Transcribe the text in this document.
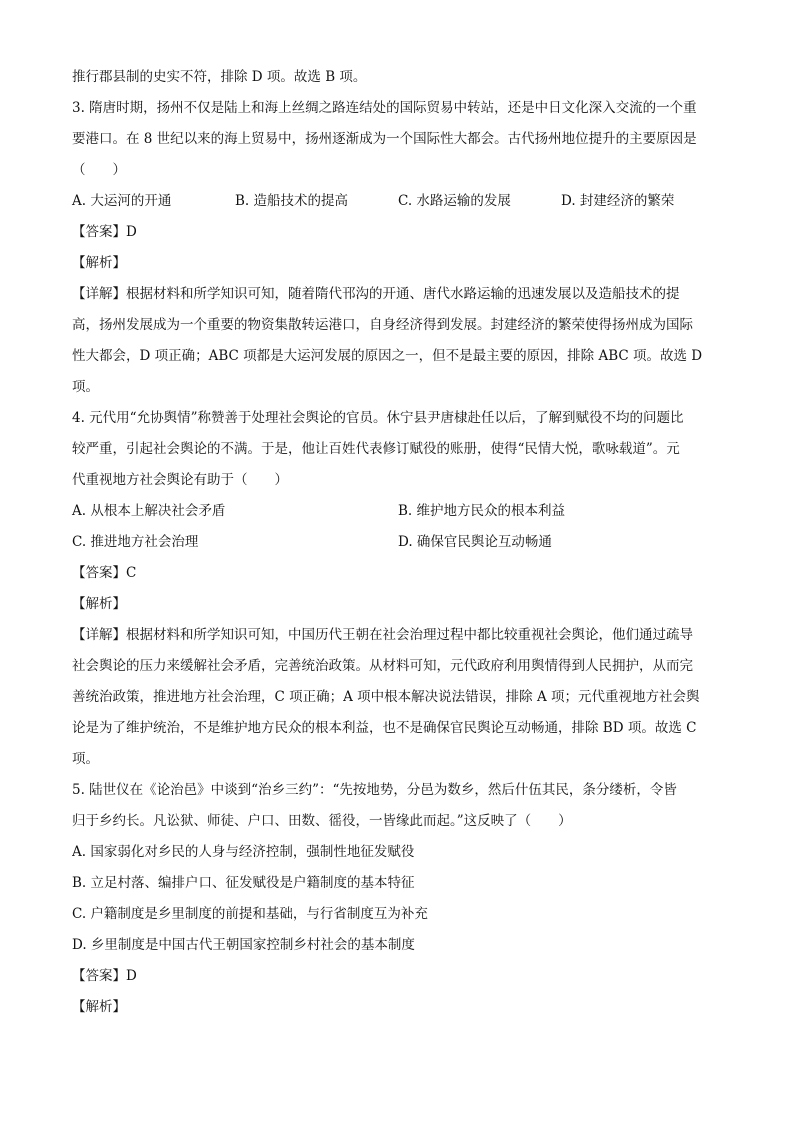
推行郡县制的史实不符，排除 D 项。故选 B 项。
3. 隋唐时期，扬州不仅是陆上和海上丝绸之路连结处的国际贸易中转站，还是中日文化深入交流的一个重
要港口。在 8 世纪以来的海上贸易中，扬州逐渐成为一个国际性大都会。古代扬州地位提升的主要原因是
（　　）
A. 大运河的开通	B. 造船技术的提高	C. 水路运输的发展	D. 封建经济的繁荣
【答案】D
【解析】
【详解】根据材料和所学知识可知，随着隋代邗沟的开通、唐代水路运输的迅速发展以及造船技术的提
高，扬州发展成为一个重要的物资集散转运港口，自身经济得到发展。封建经济的繁荣使得扬州成为国际
性大都会，D 项正确；ABC 项都是大运河发展的原因之一，但不是最主要的原因，排除 ABC 项。故选 D
项。
4. 元代用“允协舆情”称赞善于处理社会舆论的官员。休宁县尹唐棣赴任以后，了解到赋役不均的问题比
较严重，引起社会舆论的不满。于是，他让百姓代表修订赋役的账册，使得“民情大悦，歌咏载道”。元
代重视地方社会舆论有助于（　　）
A. 从根本上解决社会矛盾	B. 维护地方民众的根本利益
C. 推进地方社会治理	D. 确保官民舆论互动畅通
【答案】C
【解析】
【详解】根据材料和所学知识可知，中国历代王朝在社会治理过程中都比较重视社会舆论，他们通过疏导
社会舆论的压力来缓解社会矛盾，完善统治政策。从材料可知，元代政府利用舆情得到人民拥护，从而完
善统治政策，推进地方社会治理，C 项正确；A 项中根本解决说法错误，排除 A 项；元代重视地方社会舆
论是为了维护统治，不是维护地方民众的根本利益，也不是确保官民舆论互动畅通，排除 BD 项。故选 C
项。
5. 陆世仪在《论治邑》中谈到“治乡三约”：“先按地势，分邑为数乡，然后什伍其民，条分缕析，令皆
归于乡约长。凡讼狱、师徒、户口、田数、徭役，一皆缘此而起。”这反映了（　　）
A. 国家弱化对乡民的人身与经济控制，强制性地征发赋役
B. 立足村落、编排户口、征发赋役是户籍制度的基本特征
C. 户籍制度是乡里制度的前提和基础，与行省制度互为补充
D. 乡里制度是中国古代王朝国家控制乡村社会的基本制度
【答案】D
【解析】
